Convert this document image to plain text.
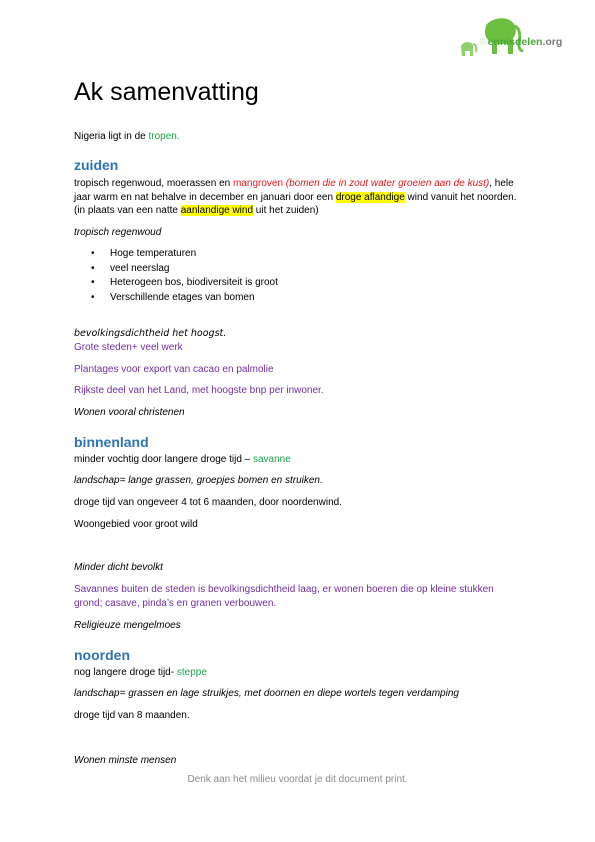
Kennisdelen.org
Ak samenvatting

Nigeria ligt in de tropen.

zuiden

tropisch regenwoud, moerassen en mangroven (bomen die in zout water groeien aan de kust), hele jaar warm en nat behalve in december en januari door een droge aflandige wind vanuit het noorden. (in plaats van een natte aanlandige wind uit het zuiden)

tropisch regenwoud

• Hoge temperaturen
• veel neerslag
• Heterogeen bos, biodiversiteit is groot
• Verschillende etages van bomen

bevolkingsdichtheid het hoogst.

Grote steden+ veel werk

Plantages voor export van cacao en palmolie

Rijkste deel van het Land, met hoogste bnp per inwoner.

Wonen vooral christenen

binnenland

minder vochtig door langere droge tijd – savanne

landschap= lange grassen, groepjes bomen en struiken.

droge tijd van ongeveer 4 tot 6 maanden, door noordenwind.

Woongebied voor groot wild

Minder dicht bevolkt

Savannes buiten de steden is bevolkingsdichtheid laag, er wonen boeren die op kleine stukken grond; casave, pinda’s en granen verbouwen.

Religieuze mengelmoes

noorden

nog langere droge tijd- steppe

landschap= grassen en lage struikjes, met doornen en diepe wortels tegen verdamping

droge tijd van 8 maanden.

Wonen minste mensen

Denk aan het milieu voordat je dit document print.
